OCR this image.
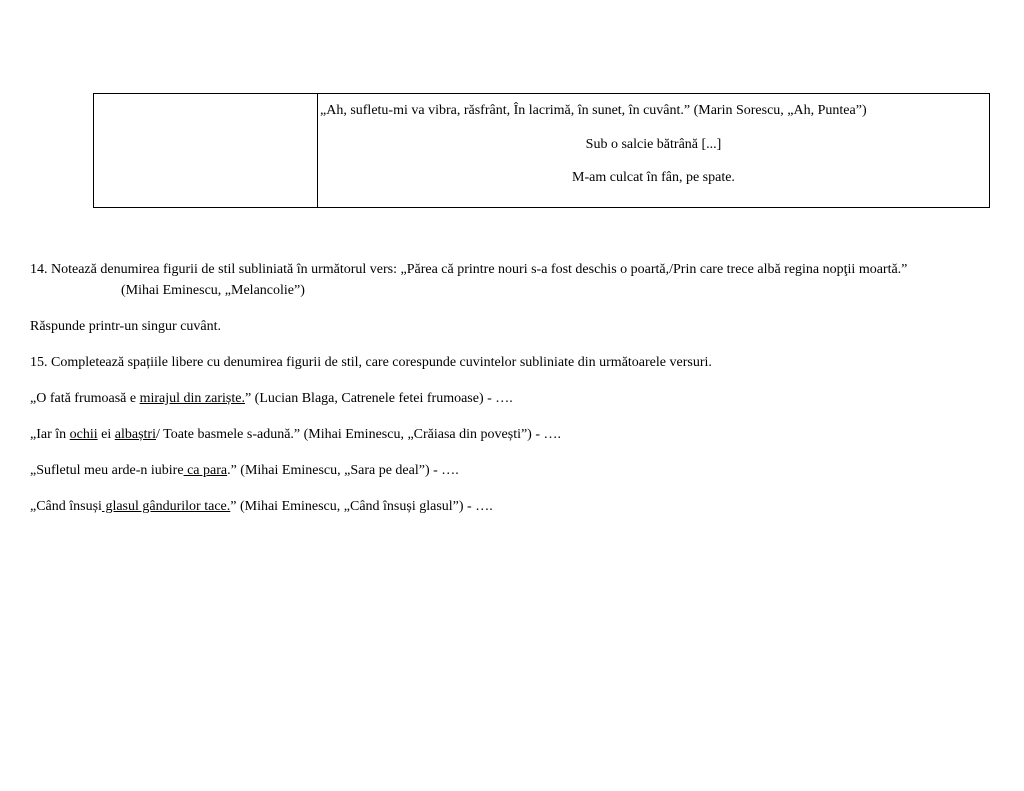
„Ah, sufletu-mi va vibra, răsfrânt, În lacrimă, în sunet, în cuvânt.” (Marin Sorescu, „Ah, Puntea”)
Sub o salcie bătrână [...]
M-am culcat în fân, pe spate.
14. Notează denumirea figurii de stil subliniată în următorul vers: „Părea că printre nouri s-a fost deschis o poartă,/Prin care trece albă regina nopţii moartă.”
(Mihai Eminescu, „Melancolie”)
Răspunde printr-un singur cuvânt.
15. Completează spațiile libere cu denumirea figurii de stil, care corespunde cuvintelor subliniate din următoarele versuri.
„O fată frumoasă e mirajul din zariște.” (Lucian Blaga, Catrenele fetei frumoase) - ….
„Iar în ochii ei albaștri/ Toate basmele s-adună.” (Mihai Eminescu, „Crăiasa din povești”) - ….
„Sufletul meu arde-n iubire ca para.” (Mihai Eminescu, „Sara pe deal”) - ….
„Când însuși glasul gândurilor tace.” (Mihai Eminescu, „Când însuși glasul”) - ….
